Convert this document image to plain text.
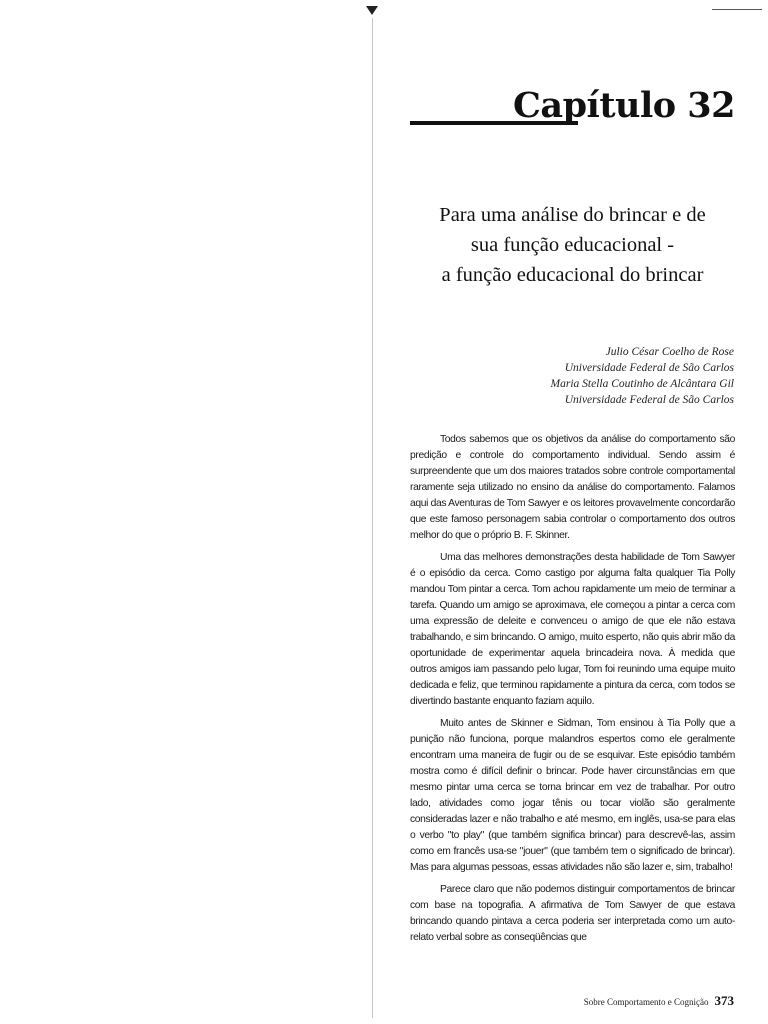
Capítulo 32
Para uma análise do brincar e de
sua função educacional -
a função educacional do brincar
Julio César Coelho de Rose
Universidade Federal de São Carlos
Maria Stella Coutinho de Alcântara Gil
Universidade Federal de São Carlos

Todos sabemos que os objetivos da análise do comportamento são predição e controle do comportamento individual. Sendo assim é surpreendente que um dos maiores tratados sobre controle comportamental raramente seja utilizado no ensino da análise do comportamento. Falamos aqui das Aventuras de Tom Sawyer e os leitores provavelmente concordarão que este famoso personagem sabia controlar o comportamento dos outros melhor do que o próprio B. F. Skinner.

Uma das melhores demonstrações desta habilidade de Tom Sawyer é o episódio da cerca. Como castigo por alguma falta qualquer Tia Polly mandou Tom pintar a cerca. Tom achou rapidamente um meio de terminar a tarefa. Quando um amigo se aproximava, ele começou a pintar a cerca com uma expressão de deleite e convenceu o amigo de que ele não estava trabalhando, e sim brincando. O amigo, muito esperto, não quis abrir mão da oportunidade de experimentar aquela brincadeira nova. À medida que outros amigos iam passando pelo lugar, Tom foi reunindo uma equipe muito dedicada e feliz, que terminou rapidamente a pintura da cerca, com todos se divertindo bastante enquanto faziam aquilo.

Muito antes de Skinner e Sidman, Tom ensinou à Tia Polly que a punição não funciona, porque malandros espertos como ele geralmente encontram uma maneira de fugir ou de se esquivar. Este episódio também mostra como é difícil definir o brincar. Pode haver circunstâncias em que mesmo pintar uma cerca se torna brincar em vez de trabalhar. Por outro lado, atividades como jogar tênis ou tocar violão são geralmente consideradas lazer e não trabalho e até mesmo, em inglês, usa-se para elas o verbo "to play" (que também significa brincar) para descrevê-las, assim como em francês usa-se "jouer" (que também tem o significado de brincar). Mas para algumas pessoas, essas atividades não são lazer e, sim, trabalho!

Parece claro que não podemos distinguir comportamentos de brincar com base na topografia. A afirmativa de Tom Sawyer de que estava brincando quando pintava a cerca poderia ser interpretada como um auto-relato verbal sobre as conseqüências que

Sobre Comportamento e Cognição 373
